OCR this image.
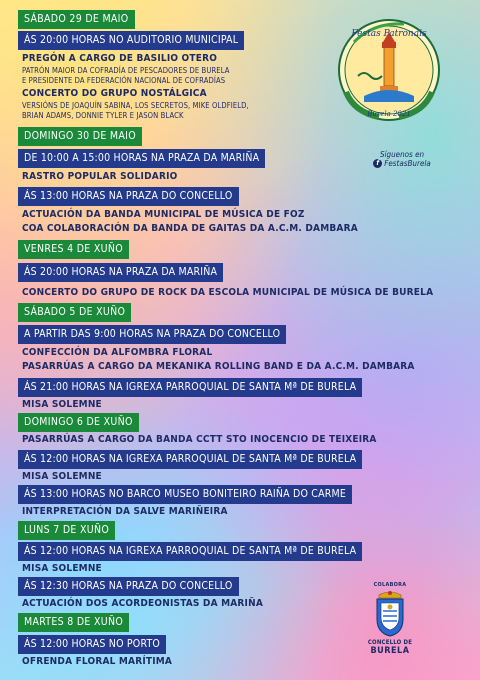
SÁBADO 29 DE MAIO
ÁS 20:00 HORAS NO AUDITORIO MUNICIPAL
PREGÓN A CARGO DE BASILIO OTERO
PATRÓN MAIOR DA COFRADÍA DE PESCADORES DE BURELA
E PRESIDENTE DA FEDERACIÓN NACIONAL DE COFRADÍAS
CONCERTO DO GRUPO NOSTÁLGICA
VERSIÓNS DE JOAQUÍN SABINA, LOS SECRETOS, MIKE OLDFIELD,
BRIAN ADAMS, DONNIE TYLER E JASON BLACK
DOMINGO 30 DE MAIO
DE 10:00 A 15:00 HORAS NA PRAZA DA MARIÑA
RASTRO POPULAR SOLIDARIO
ÁS 13:00 HORAS NA PRAZA DO CONCELLO
ACTUACIÓN DA BANDA MUNICIPAL DE MÚSICA DE FOZ
COA COLABORACIÓN DA BANDA DE GAITAS DA A.C.M. DAMBARA
VENRES 4 DE XUÑO
ÁS 20:00 HORAS NA PRAZA DA MARIÑA
CONCERTO DO GRUPO DE ROCK DA ESCOLA MUNICIPAL DE MÚSICA DE BURELA
SÁBADO 5 DE XUÑO
A PARTIR DAS 9:00 HORAS NA PRAZA DO CONCELLO
CONFECCIÓN DA ALFOMBRA FLORAL
PASARRÚAS A CARGO DA MEKANIKA ROLLING BAND E DA A.C.M. DAMBARA
ÁS 21:00 HORAS NA IGREXA PARROQUIAL DE SANTA Mª DE BURELA
MISA SOLEMNE
DOMINGO 6 DE XUÑO
PASARRÚAS A CARGO DA BANDA CCTT STO INOCENCIO DE TEIXEIRA
ÁS 12:00 HORAS NA IGREXA PARROQUIAL DE SANTA Mª DE BURELA
MISA SOLEMNE
ÁS 13:00 HORAS NO BARCO MUSEO BONITEIRO RAIÑA DO CARME
INTERPRETACIÓN DA SALVE MARIÑEIRA
LUNS 7 DE XUÑO
ÁS 12:00 HORAS NA IGREXA PARROQUIAL DE SANTA Mª DE BURELA
MISA SOLEMNE
ÁS 12:30 HORAS NA PRAZA DO CONCELLO
ACTUACIÓN DOS ACORDEONISTAS DA MARIÑA
MARTES 8 DE XUÑO
ÁS 12:00 HORAS NO PORTO
OFRENDA FLORAL MARÍTIMA
Festas Patronais
Burela 2021
Síguenos en
f FestasBurela
COLABORA
CONCELLO DE
BURELA
